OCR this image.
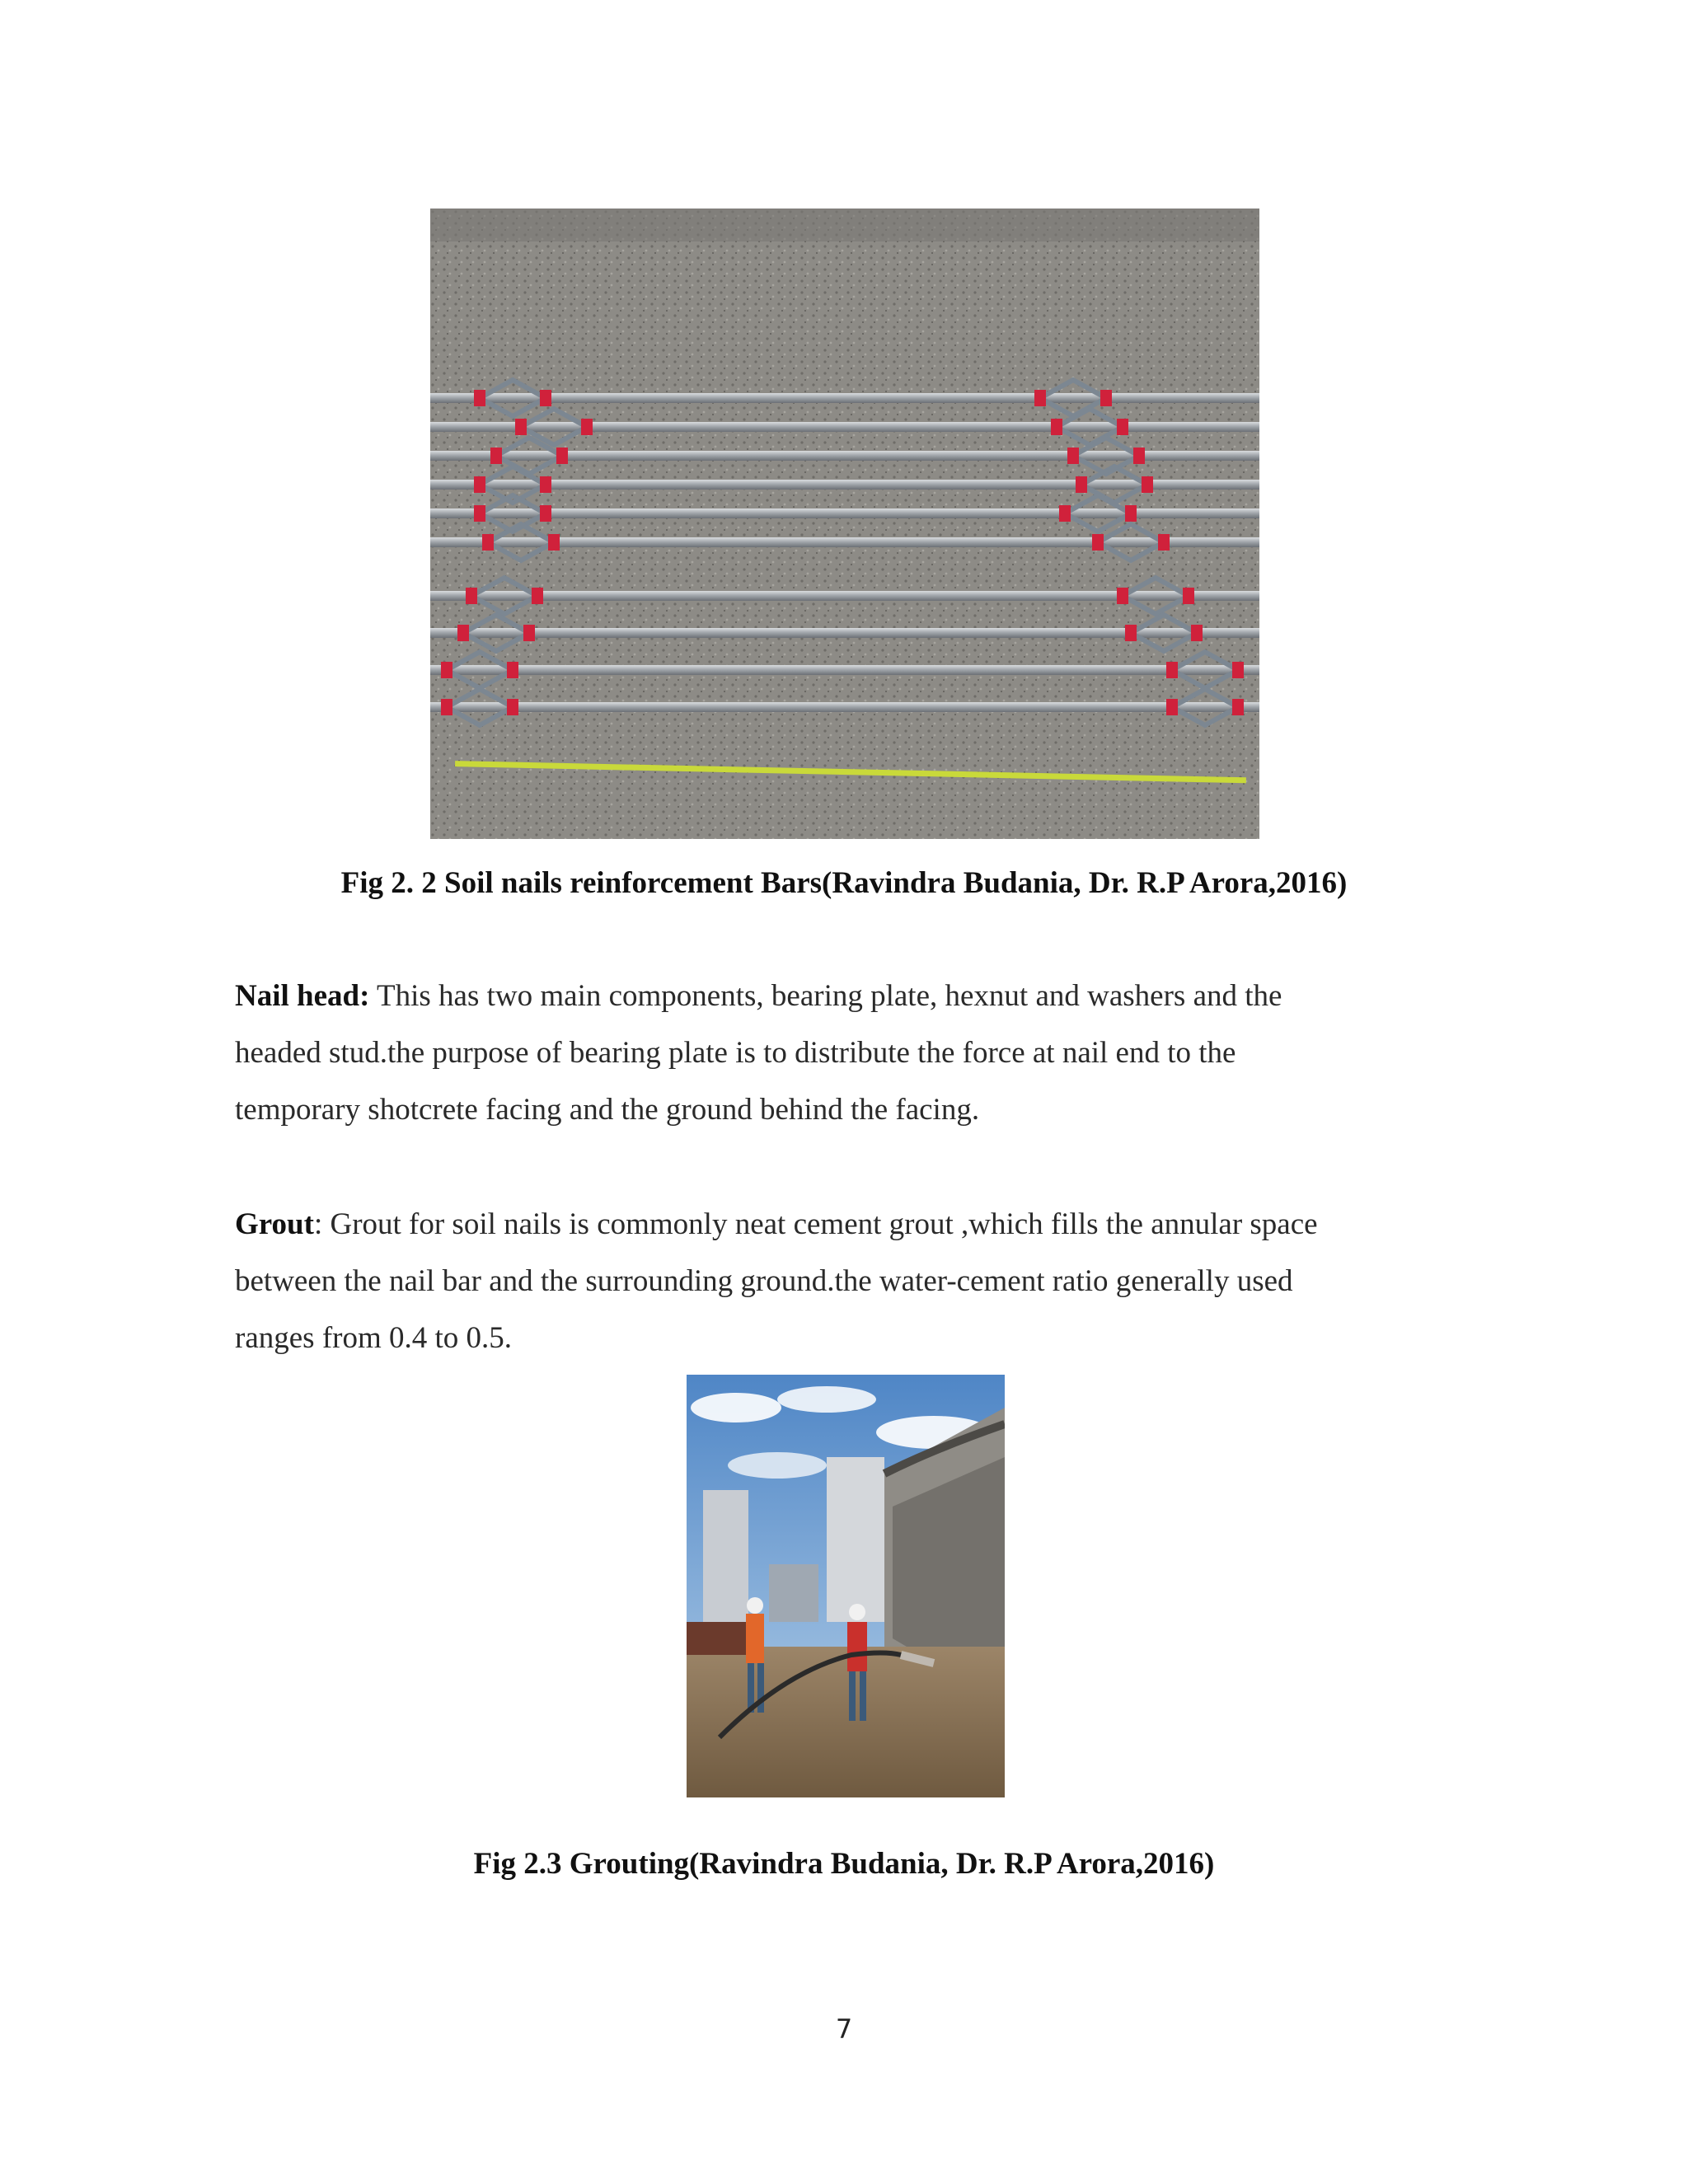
Fig 2. 2 Soil nails reinforcement Bars(Ravindra Budania, Dr. R.P Arora,2016)
Nail head: This has two main components, bearing plate, hexnut and washers and the
headed stud.the purpose of bearing plate is to distribute the force at nail end to the
temporary shotcrete facing and the ground behind the facing.
Grout: Grout for soil nails is commonly neat cement grout ,which fills the annular space
between the nail bar and the surrounding ground.the water-cement ratio generally used
ranges from 0.4 to 0.5.
Fig 2.3 Grouting(Ravindra Budania, Dr. R.P Arora,2016)
7
